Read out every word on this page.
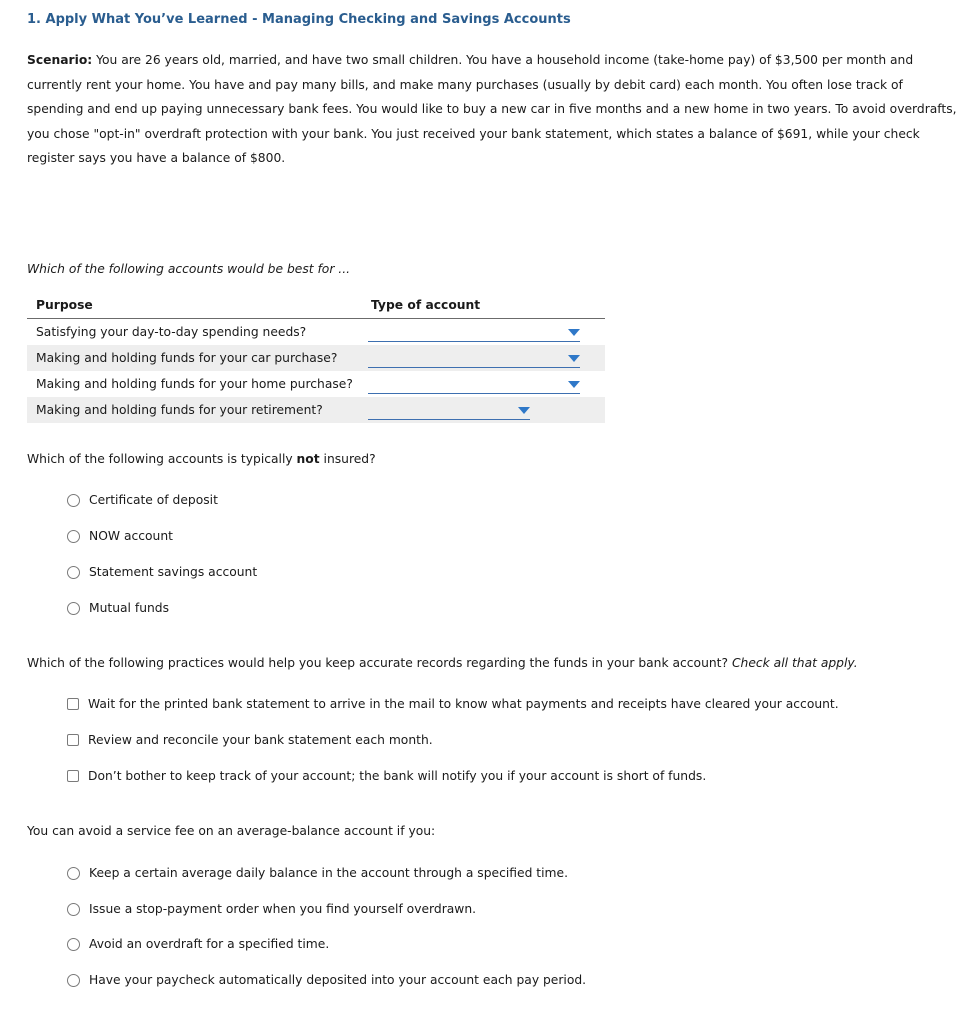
1. Apply What You’ve Learned - Managing Checking and Savings Accounts
Scenario: You are 26 years old, married, and have two small children. You have a household income (take-home pay) of $3,500 per month and currently rent your home. You have and pay many bills, and make many purchases (usually by debit card) each month. You often lose track of spending and end up paying unnecessary bank fees. You would like to buy a new car in five months and a new home in two years. To avoid overdrafts, you chose "opt-in" overdraft protection with your bank. You just received your bank statement, which states a balance of $691, while your check register says you have a balance of $800.
Which of the following accounts would be best for ...
Purpose	Type of account
Satisfying your day-to-day spending needs?	

Making and holding funds for your car purchase?	

Making and holding funds for your home purchase?	

Making and holding funds for your retirement?	
Which of the following accounts is typically not insured?
Certificate of deposit
NOW account
Statement savings account
Mutual funds
Which of the following practices would help you keep accurate records regarding the funds in your bank account? Check all that apply.
Wait for the printed bank statement to arrive in the mail to know what payments and receipts have cleared your account.
Review and reconcile your bank statement each month.
Don’t bother to keep track of your account; the bank will notify you if your account is short of funds.
You can avoid a service fee on an average-balance account if you:
Keep a certain average daily balance in the account through a specified time.
Issue a stop-payment order when you find yourself overdrawn.
Avoid an overdraft for a specified time.
Have your paycheck automatically deposited into your account each pay period.
